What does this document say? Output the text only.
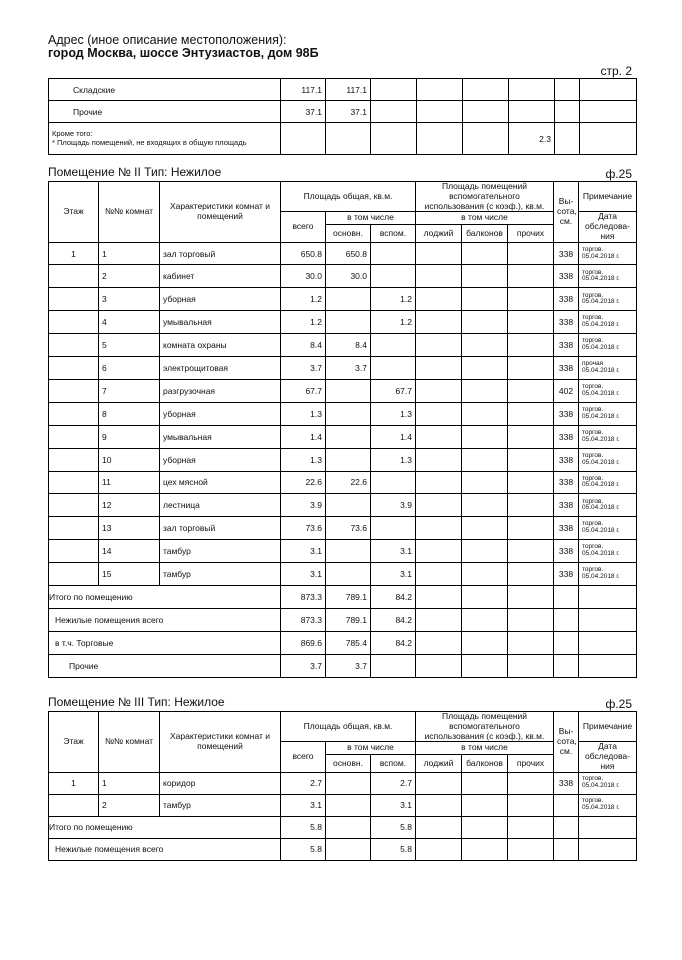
Адрес (иное описание местоположения):
город Москва, шоссе Энтузиастов, дом 98Б
стр. 2
Складские	117.1	117.1						
Прочие	37.1	37.1						

Кроме того:
* Площадь помещений, не входящих в общую площадь						2.3		
Помещение № II Тип: Нежилое	ф.25
Этаж	№№ комнат	Характеристики комнат и помещений	Площадь общая, кв.м.			Площадь помещений вспомогательного использования (с коэф.), кв.м.			Вы-сота, см.	Примечание
			всего	в том числе		в том числе				Дата обследова-ния
				основн.	вспом.	лоджий	балконов	прочих		
1	1	зал торговый	650.8	650.8					338	торгов.
05.04.2018 г.

	2	кабинет	30.0	30.0					338	торгов.
05.04.2018 г.

	3	уборная	1.2		1.2				338	торгов.
05.04.2018 г.

	4	умывальная	1.2		1.2				338	торгов.
05.04.2018 г.

	5	комната охраны	8.4	8.4					338	торгов.
05.04.2018 г.

	6	электрощитовая	3.7	3.7					338	прочая
05.04.2018 г.

	7	разгрузочная	67.7		67.7				402	торгов.
05.04.2018 г.

	8	уборная	1.3		1.3				338	торгов.
05.04.2018 г.

	9	умывальная	1.4		1.4				338	торгов.
05.04.2018 г.

	10	уборная	1.3		1.3				338	торгов.
05.04.2018 г.

	11	цех мясной	22.6	22.6					338	торгов.
05.04.2018 г.

	12	лестница	3.9		3.9				338	торгов.
05.04.2018 г.

	13	зал торговый	73.6	73.6					338	торгов.
05.04.2018 г.

	14	тамбур	3.1		3.1				338	торгов.
05.04.2018 г.

	15	тамбур	3.1		3.1				338	торгов.
05.04.2018 г.

Итого по помещению			873.3	789.1	84.2					
Нежилые помещения всего			873.3	789.1	84.2					
в т.ч. Торговые			869.6	785.4	84.2					
Прочие			3.7	3.7						
Помещение № III Тип: Нежилое	ф.25
Этаж	№№ комнат	Характеристики комнат и помещений	Площадь общая, кв.м.			Площадь помещений вспомогательного использования (с коэф.), кв.м.			Вы-сота, см.	Примечание
			всего	в том числе		в том числе				Дата обследова-ния
				основн.	вспом.	лоджий	балконов	прочих		
1	1	коридор	2.7		2.7				338	торгов.
05.04.2018 г.

	2	тамбур	3.1		3.1					торгов.
05.04.2018 г.

Итого по помещению			5.8		5.8					
Нежилые помещения всего			5.8		5.8					
